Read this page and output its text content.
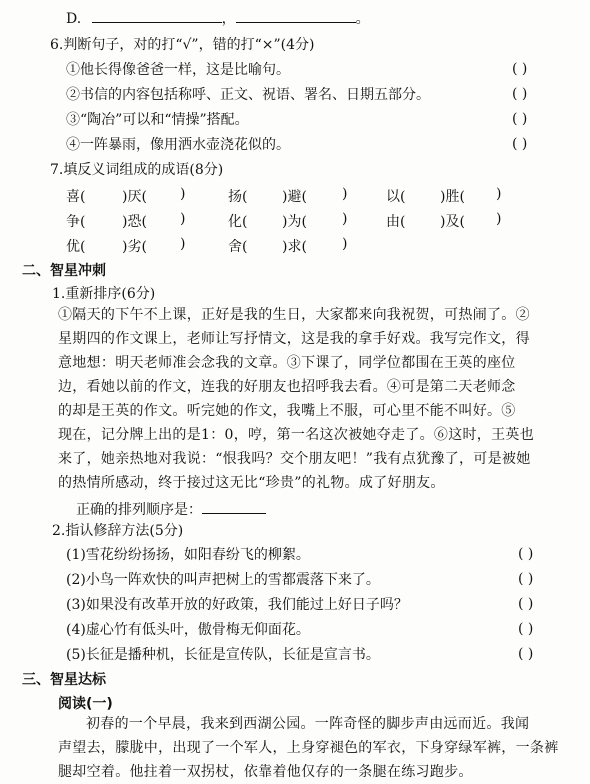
D.	，	。
6.判断句子，对的打“√”，错的打“×”(4分)
①他长得像爸爸一样，这是比喻句。	( )
②书信的内容包括称呼、正文、祝语、署名、日期五部分。	( )
③“陶冶”可以和“情操”搭配。	( )
④一阵暴雨，像用洒水壶浇花似的。	( )
7.填反义词组成的成语(8分)
喜(	)厌( )	扬( )避(	)	以( )胜( )
争(	)恐( )	化( )为(	)	由( )及( )
优(	)劣( )	舍( )求(	)
二、智星冲刺
1.重新排序(6分)
①隔天的下午不上课，正好是我的生日，大家都来向我祝贺，可热闹了。②
星期四的作文课上，老师让写抒情文，这是我的拿手好戏。我写完作文，得
意地想：明天老师准会念我的文章。③下课了，同学位都围在王英的座位
边，看她以前的作文，连我的好朋友也招呼我去看。④可是第二天老师念
的却是王英的作文。听完她的作文，我嘴上不服，可心里不能不叫好。⑤
现在，记分牌上出的是1：0，哼，第一名这次被她夺走了。⑥这时，王英也
来了，她亲热地对我说：“恨我吗？交个朋友吧！”我有点犹豫了，可是被她
的热情所感动，终于接过这无比“珍贵”的礼物。成了好朋友。
正确的排列顺序是：
2.指认修辞方法(5分)
(1)雪花纷纷扬扬，如阳春纷飞的柳絮。	( )
(2)小鸟一阵欢快的叫声把树上的雪都震落下来了。	( )
(3)如果没有改革开放的好政策，我们能过上好日子吗？	( )
(4)虚心竹有低头叶，傲骨梅无仰面花。	( )
(5)长征是播种机，长征是宣传队，长征是宣言书。	( )
三、智星达标
阅读(一)
初春的一个早晨，我来到西湖公园。一阵奇怪的脚步声由远而近。我闻
声望去，朦胧中，出现了一个军人，上身穿褪色的军衣，下身穿绿军裤，一条裤
腿却空着。他拄着一双拐杖，依靠着他仅存的一条腿在练习跑步。
